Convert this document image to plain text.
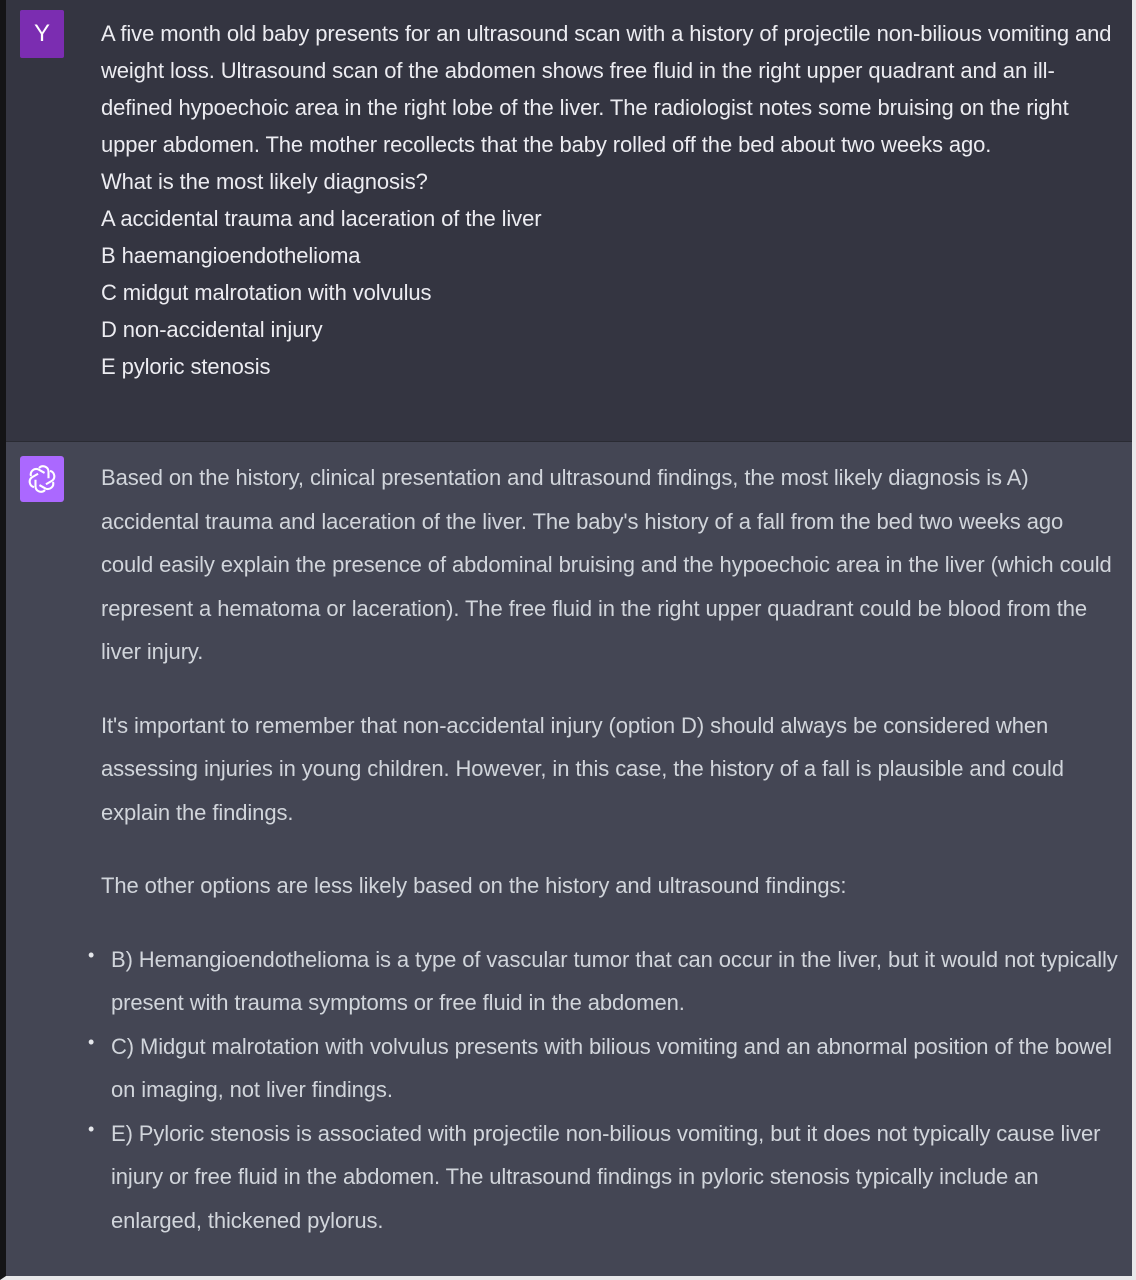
Y	A five month old baby presents for an ultrasound scan with a history of projectile non-bilious vomiting and weight loss. Ultrasound scan of the abdomen shows free fluid in the right upper quadrant and an ill-defined hypoechoic area in the right lobe of the liver. The radiologist notes some bruising on the right upper abdomen. The mother recollects that the baby rolled off the bed about two weeks ago.

What is the most likely diagnosis?

A accidental trauma and laceration of the liver

B haemangioendothelioma

C midgut malrotation with volvulus

D non-accidental injury

E pyloric stenosis

Based on the history, clinical presentation and ultrasound findings, the most likely diagnosis is A) accidental trauma and laceration of the liver. The baby's history of a fall from the bed two weeks ago could easily explain the presence of abdominal bruising and the hypoechoic area in the liver (which could represent a hematoma or laceration). The free fluid in the right upper quadrant could be blood from the liver injury.

It's important to remember that non-accidental injury (option D) should always be considered when assessing injuries in young children. However, in this case, the history of a fall is plausible and could explain the findings.

The other options are less likely based on the history and ultrasound findings:

• B) Hemangioendothelioma is a type of vascular tumor that can occur in the liver, but it would not typically present with trauma symptoms or free fluid in the abdomen.
• C) Midgut malrotation with volvulus presents with bilious vomiting and an abnormal position of the bowel on imaging, not liver findings.
• E) Pyloric stenosis is associated with projectile non-bilious vomiting, but it does not typically cause liver injury or free fluid in the abdomen. The ultrasound findings in pyloric stenosis typically include an enlarged, thickened pylorus.
